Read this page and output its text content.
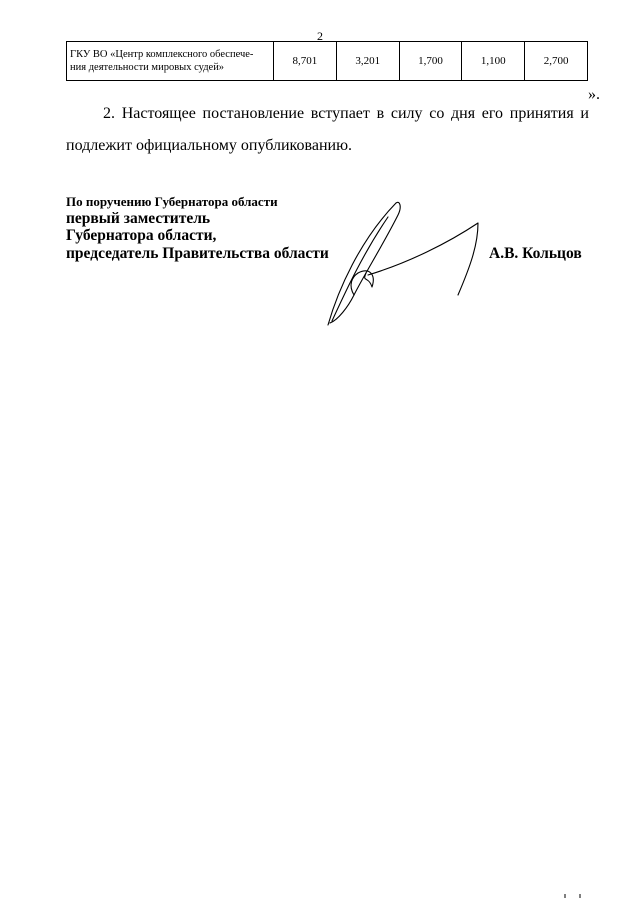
2
ГКУ ВО «Центр комплексного обеспече-
ния деятельности мировых судей»	8,701	3,201	1,700	1,100	2,700
».

2. Настоящее постановление вступает в силу со дня его принятия и подлежит официальному опубликованию.

По поручению Губернатора области
первый заместитель
Губернатора области,
председатель Правительства области	А.В. Кольцов
